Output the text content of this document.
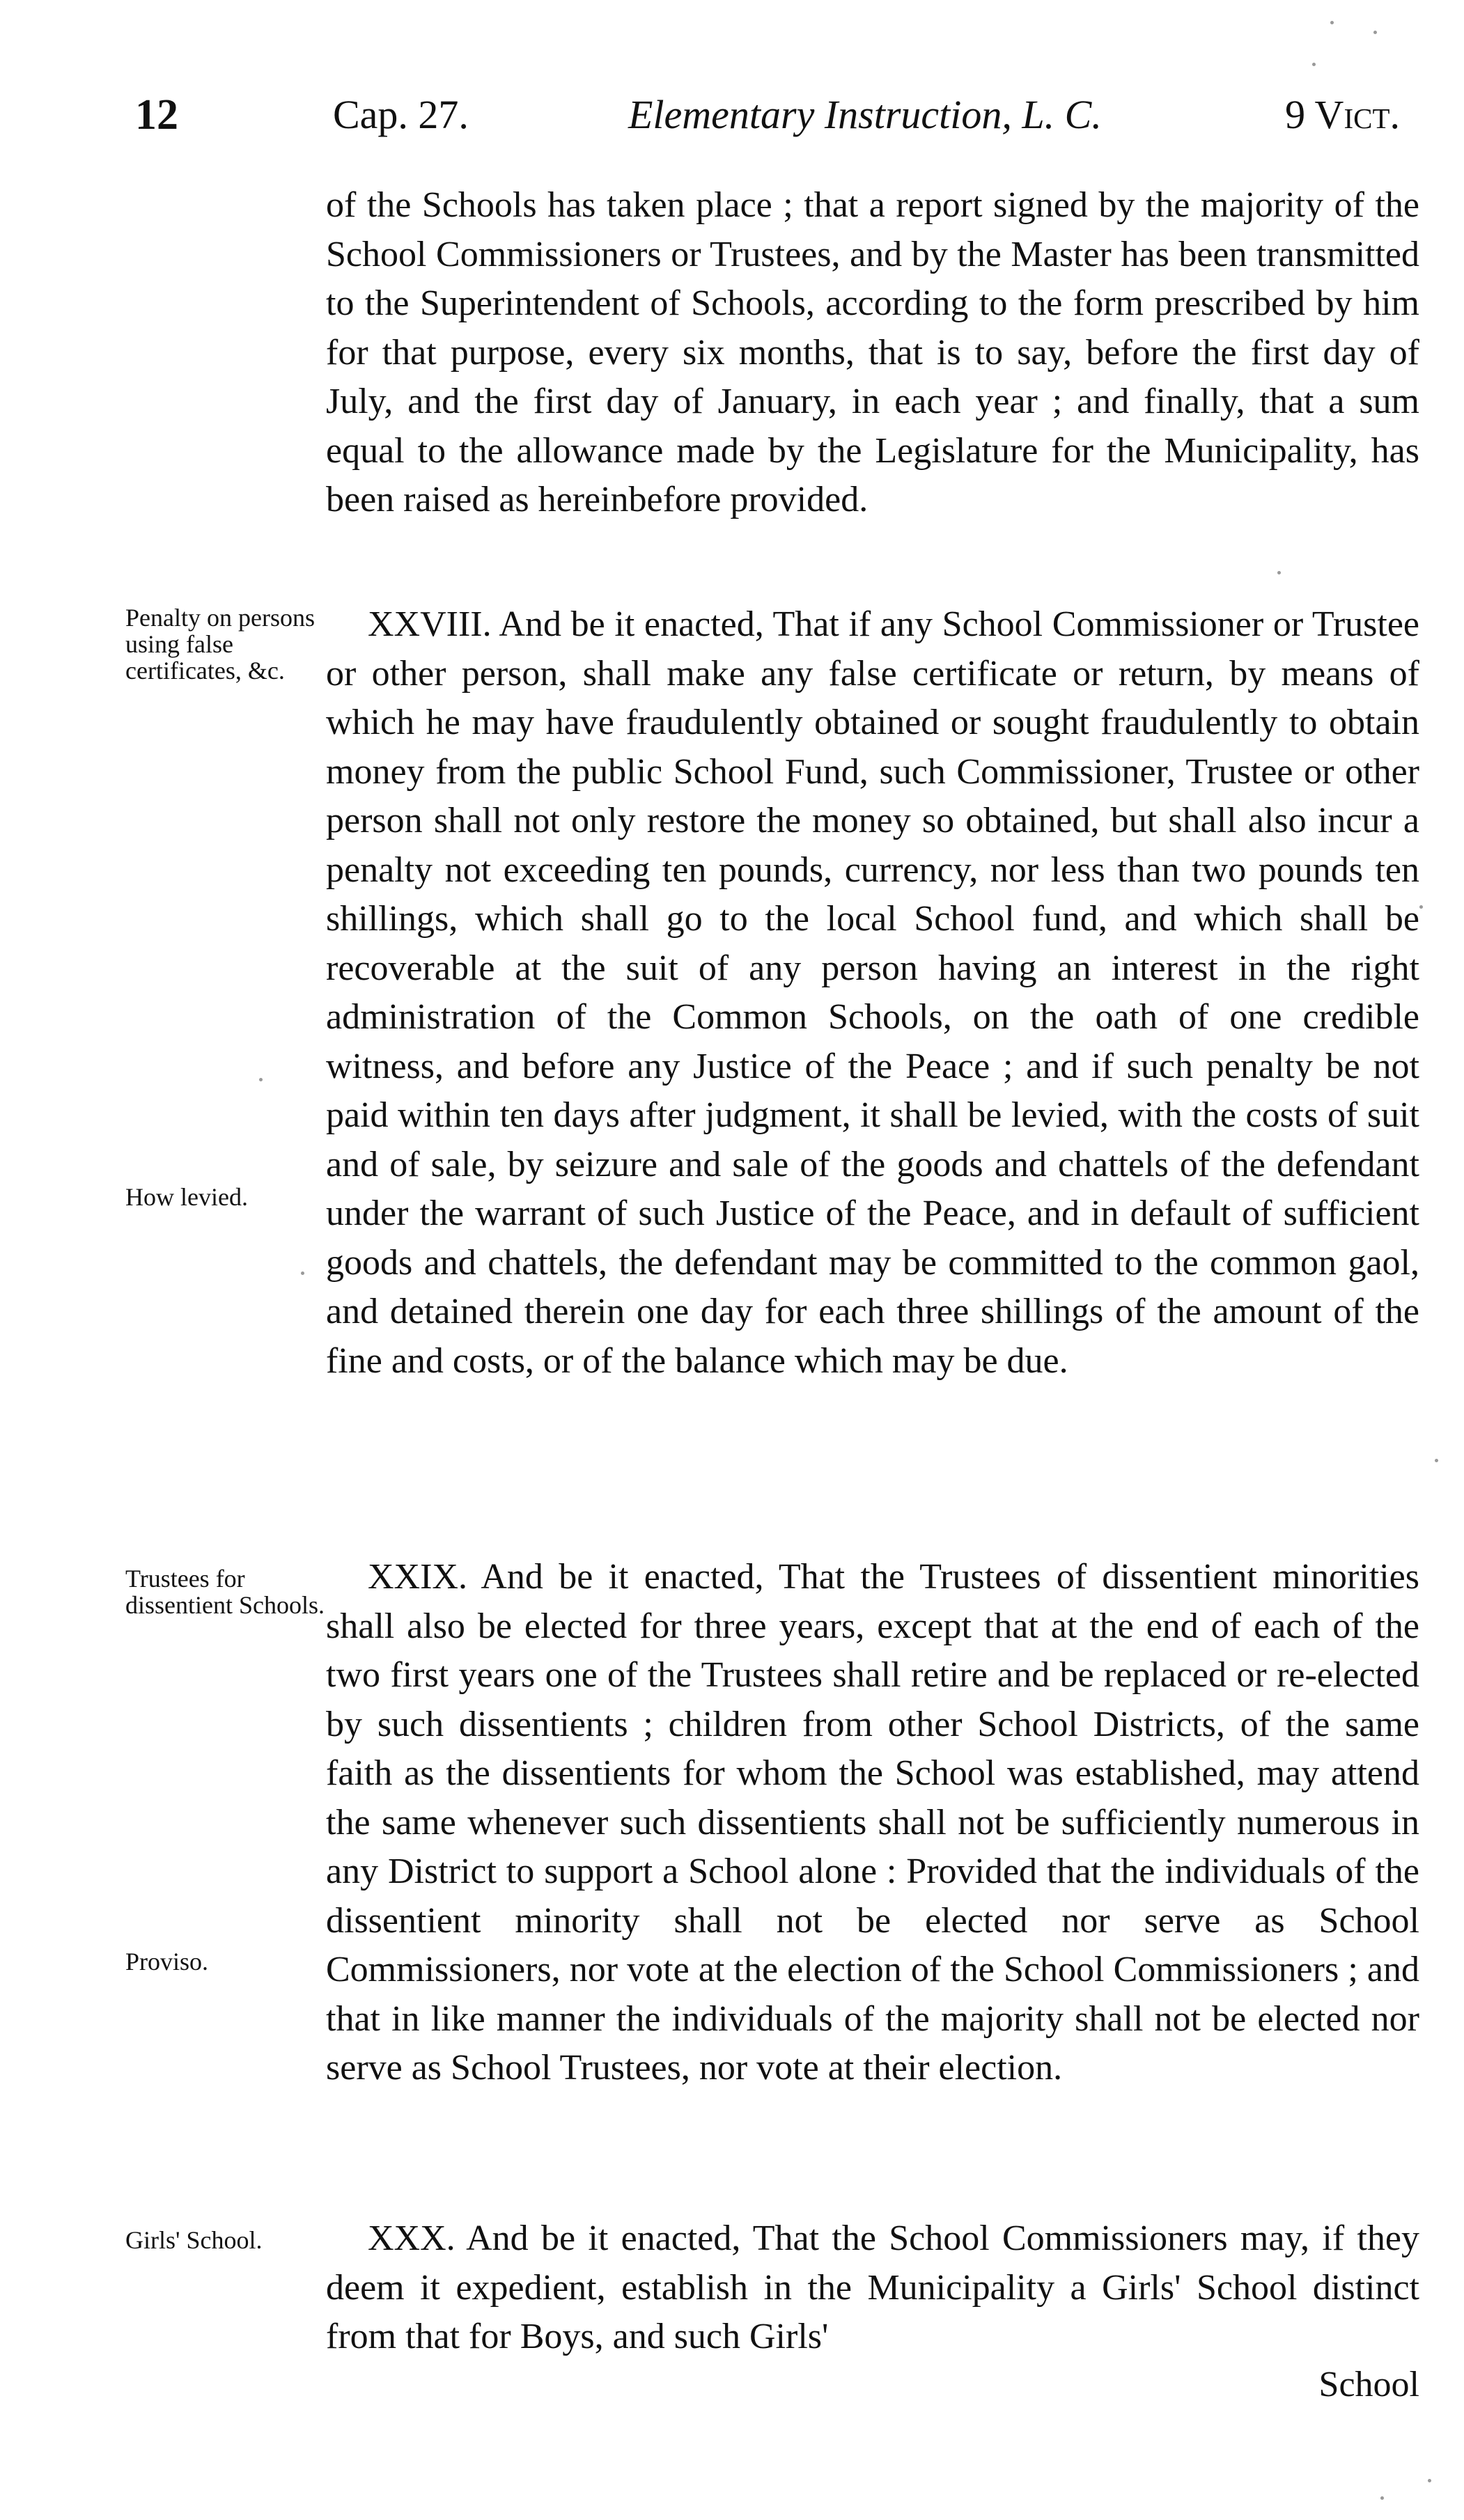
12	Cap. 27.	Elementary Instruction, L. C.	9 Vict.

of the Schools has taken place ; that a report signed by the majority of the School Commissioners or Trustees, and by the Master has been transmitted to the Superintendent of Schools, according to the form prescribed by him for that purpose, every six months, that is to say, before the first day of July, and the first day of January, in each year ; and finally, that a sum equal to the allowance made by the Legislature for the Municipality, has been raised as hereinbefore provided.

Penalty on persons using false certificates, &c.

XXVIII. And be it enacted, That if any School Commissioner or Trustee or other person, shall make any false certificate or return, by means of which he may have fraudulently obtained or sought fraudulently to obtain money from the public School Fund, such Commissioner, Trustee or other person shall not only restore the money so obtained, but shall also incur a penalty not exceeding ten pounds, currency, nor less than two pounds ten shillings, which shall go to the local School fund, and which shall be recoverable at the suit of any person having an interest in the right administration of the Common Schools, on the oath of one credible witness, and before any Justice of the Peace ; and if such penalty be not paid within ten days after judgment, it shall be levied, with the costs of suit and of sale, by seizure and sale of the goods and chattels of the defendant under the warrant of such Justice of the Peace, and in default of sufficient goods and chattels, the defendant may be committed to the common gaol, and detained therein one day for each three shillings of the amount of the fine and costs, or of the balance which may be due.

How levied.

Trustees for dissentient Schools.

XXIX. And be it enacted, That the Trustees of dissentient minorities shall also be elected for three years, except that at the end of each of the two first years one of the Trustees shall retire and be replaced or re-elected by such dissentients ; children from other School Districts, of the same faith as the dissentients for whom the School was established, may attend the same whenever such dissentients shall not be sufficiently numerous in any District to support a School alone : Provided that the individuals of the dissentient minority shall not be elected nor serve as School Commissioners, nor vote at the election of the School Commissioners ; and that in like manner the individuals of the majority shall not be elected nor serve as School Trustees, nor vote at their election.

Proviso.

Girls' School.	XXX. And be it enacted, That the School Commissioners may, if they deem it expedient, establish in the Municipality a Girls' School distinct from that for Boys, and such Girls'

School
